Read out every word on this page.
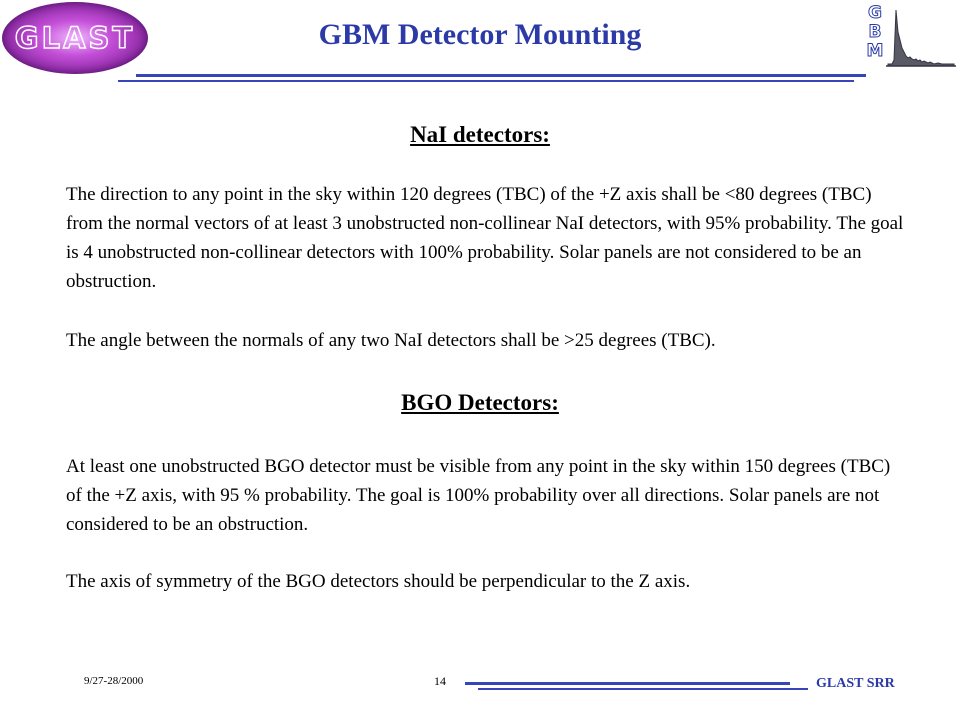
GLAST	GBM Detector Mounting
G
B
M
NaI detectors:

The direction to any point in the sky within 120 degrees (TBC) of the +Z axis shall be <80 degrees (TBC) from the normal vectors of at least 3 unobstructed non-collinear NaI detectors, with 95% probability. The goal is 4 unobstructed non-collinear detectors with 100% probability. Solar panels are not considered to be an obstruction.

The angle between the normals of any two NaI detectors shall be >25 degrees (TBC).

BGO Detectors:

At least one unobstructed BGO detector must be visible from any point in the sky within 150 degrees (TBC) of the +Z axis, with 95 % probability. The goal is 100% probability over all directions. Solar panels are not considered to be an obstruction.

The axis of symmetry of the BGO detectors should be perpendicular to the Z axis.

9/27-28/2000	14	GLAST SRR
